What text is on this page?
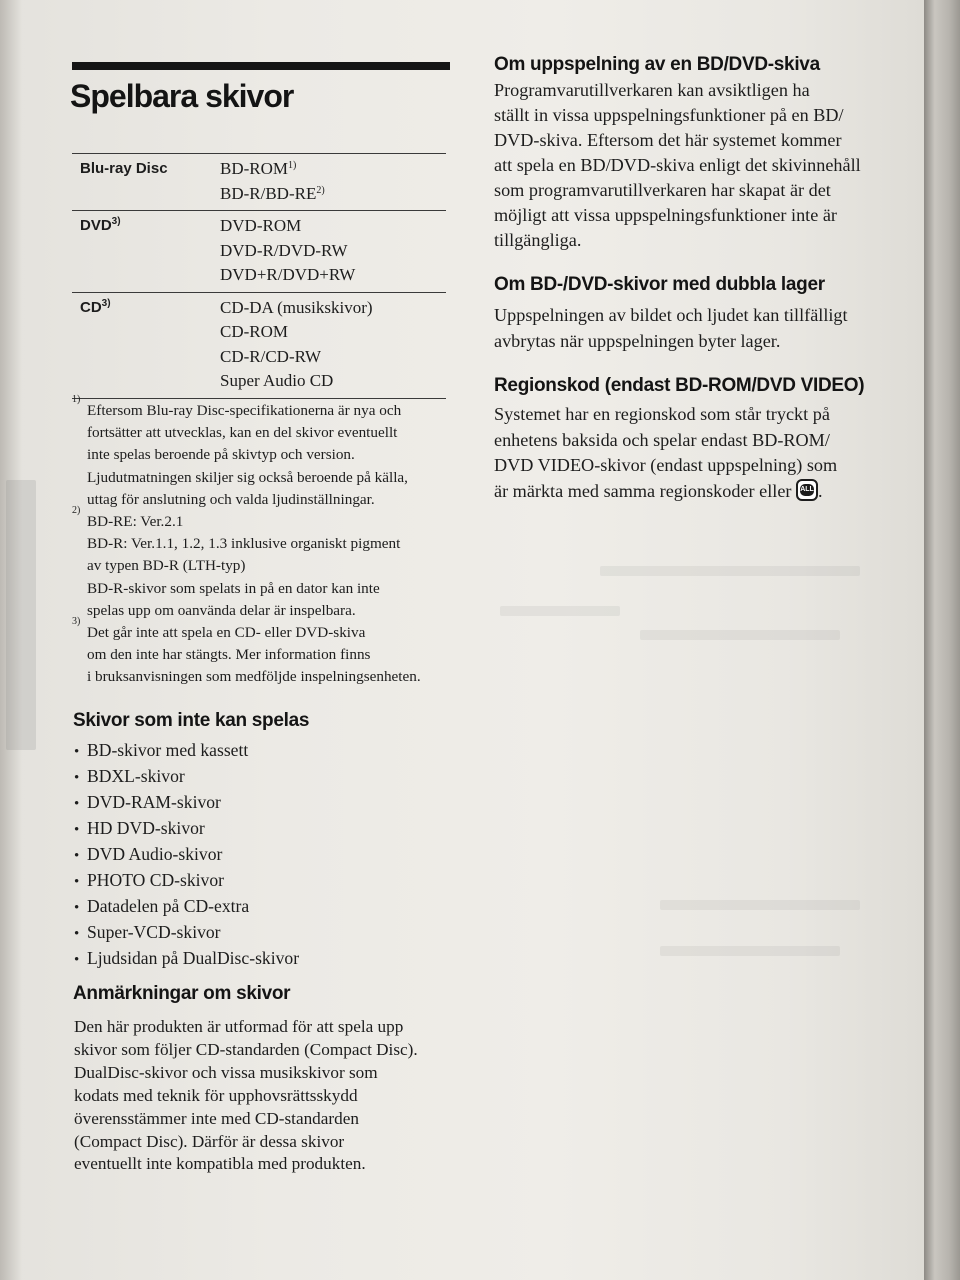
Spelbara skivor
Blu-ray Disc	BD-ROM$^{1)}$
BD-R/BD-RE$^{2)}$
DVD$^{3)}$	DVD-ROM
DVD-R/DVD-RW
DVD+R/DVD+RW
CD$^{3)}$	CD-DA (musikskivor)
CD-ROM
CD-R/CD-RW
Super Audio CD
1)
Eftersom Blu-ray Disc-specifikationerna är nya och
fortsätter att utvecklas, kan en del skivor eventuellt
inte spelas beroende på skivtyp och version.
Ljudutmatningen skiljer sig också beroende på källa,
uttag för anslutning och valda ljudinställningar.
2)
BD-RE: Ver.2.1
BD-R: Ver.1.1, 1.2, 1.3 inklusive organiskt pigment
av typen BD-R (LTH-typ)
BD-R-skivor som spelats in på en dator kan inte
spelas upp om oanvända delar är inspelbara.
3)
Det går inte att spela en CD- eller DVD-skiva
om den inte har stängts. Mer information finns
i bruksanvisningen som medföljde inspelningsenheten.
Skivor som inte kan spelas
• BD-skivor med kassett
• BDXL-skivor
• DVD-RAM-skivor
• HD DVD-skivor
• DVD Audio-skivor
• PHOTO CD-skivor
• Datadelen på CD-extra
• Super-VCD-skivor
• Ljudsidan på DualDisc-skivor
Anmärkningar om skivor
Den här produkten är utformad för att spela upp
skivor som följer CD-standarden (Compact Disc).
DualDisc-skivor och vissa musikskivor som
kodats med teknik för upphovsrättsskydd
överensstämmer inte med CD-standarden
(Compact Disc). Därför är dessa skivor
eventuellt inte kompatibla med produkten.
Om uppspelning av en BD/DVD-skiva
Programvarutillverkaren kan avsiktligen ha
ställt in vissa uppspelningsfunktioner på en BD/
DVD-skiva. Eftersom det här systemet kommer
att spela en BD/DVD-skiva enligt det skivinnehåll
som programvarutillverkaren har skapat är det
möjligt att vissa uppspelningsfunktioner inte är
tillgängliga.
Om BD-/DVD-skivor med dubbla lager
Uppspelningen av bildet och ljudet kan tillfälligt
avbrytas när uppspelningen byter lager.
Regionskod (endast BD-ROM/DVD VIDEO)
Systemet har en regionskod som står tryckt på
enhetens baksida och spelar endast BD-ROM/
DVD VIDEO-skivor (endast uppspelning) som
är märkta med samma regionskoder eller ALL .
